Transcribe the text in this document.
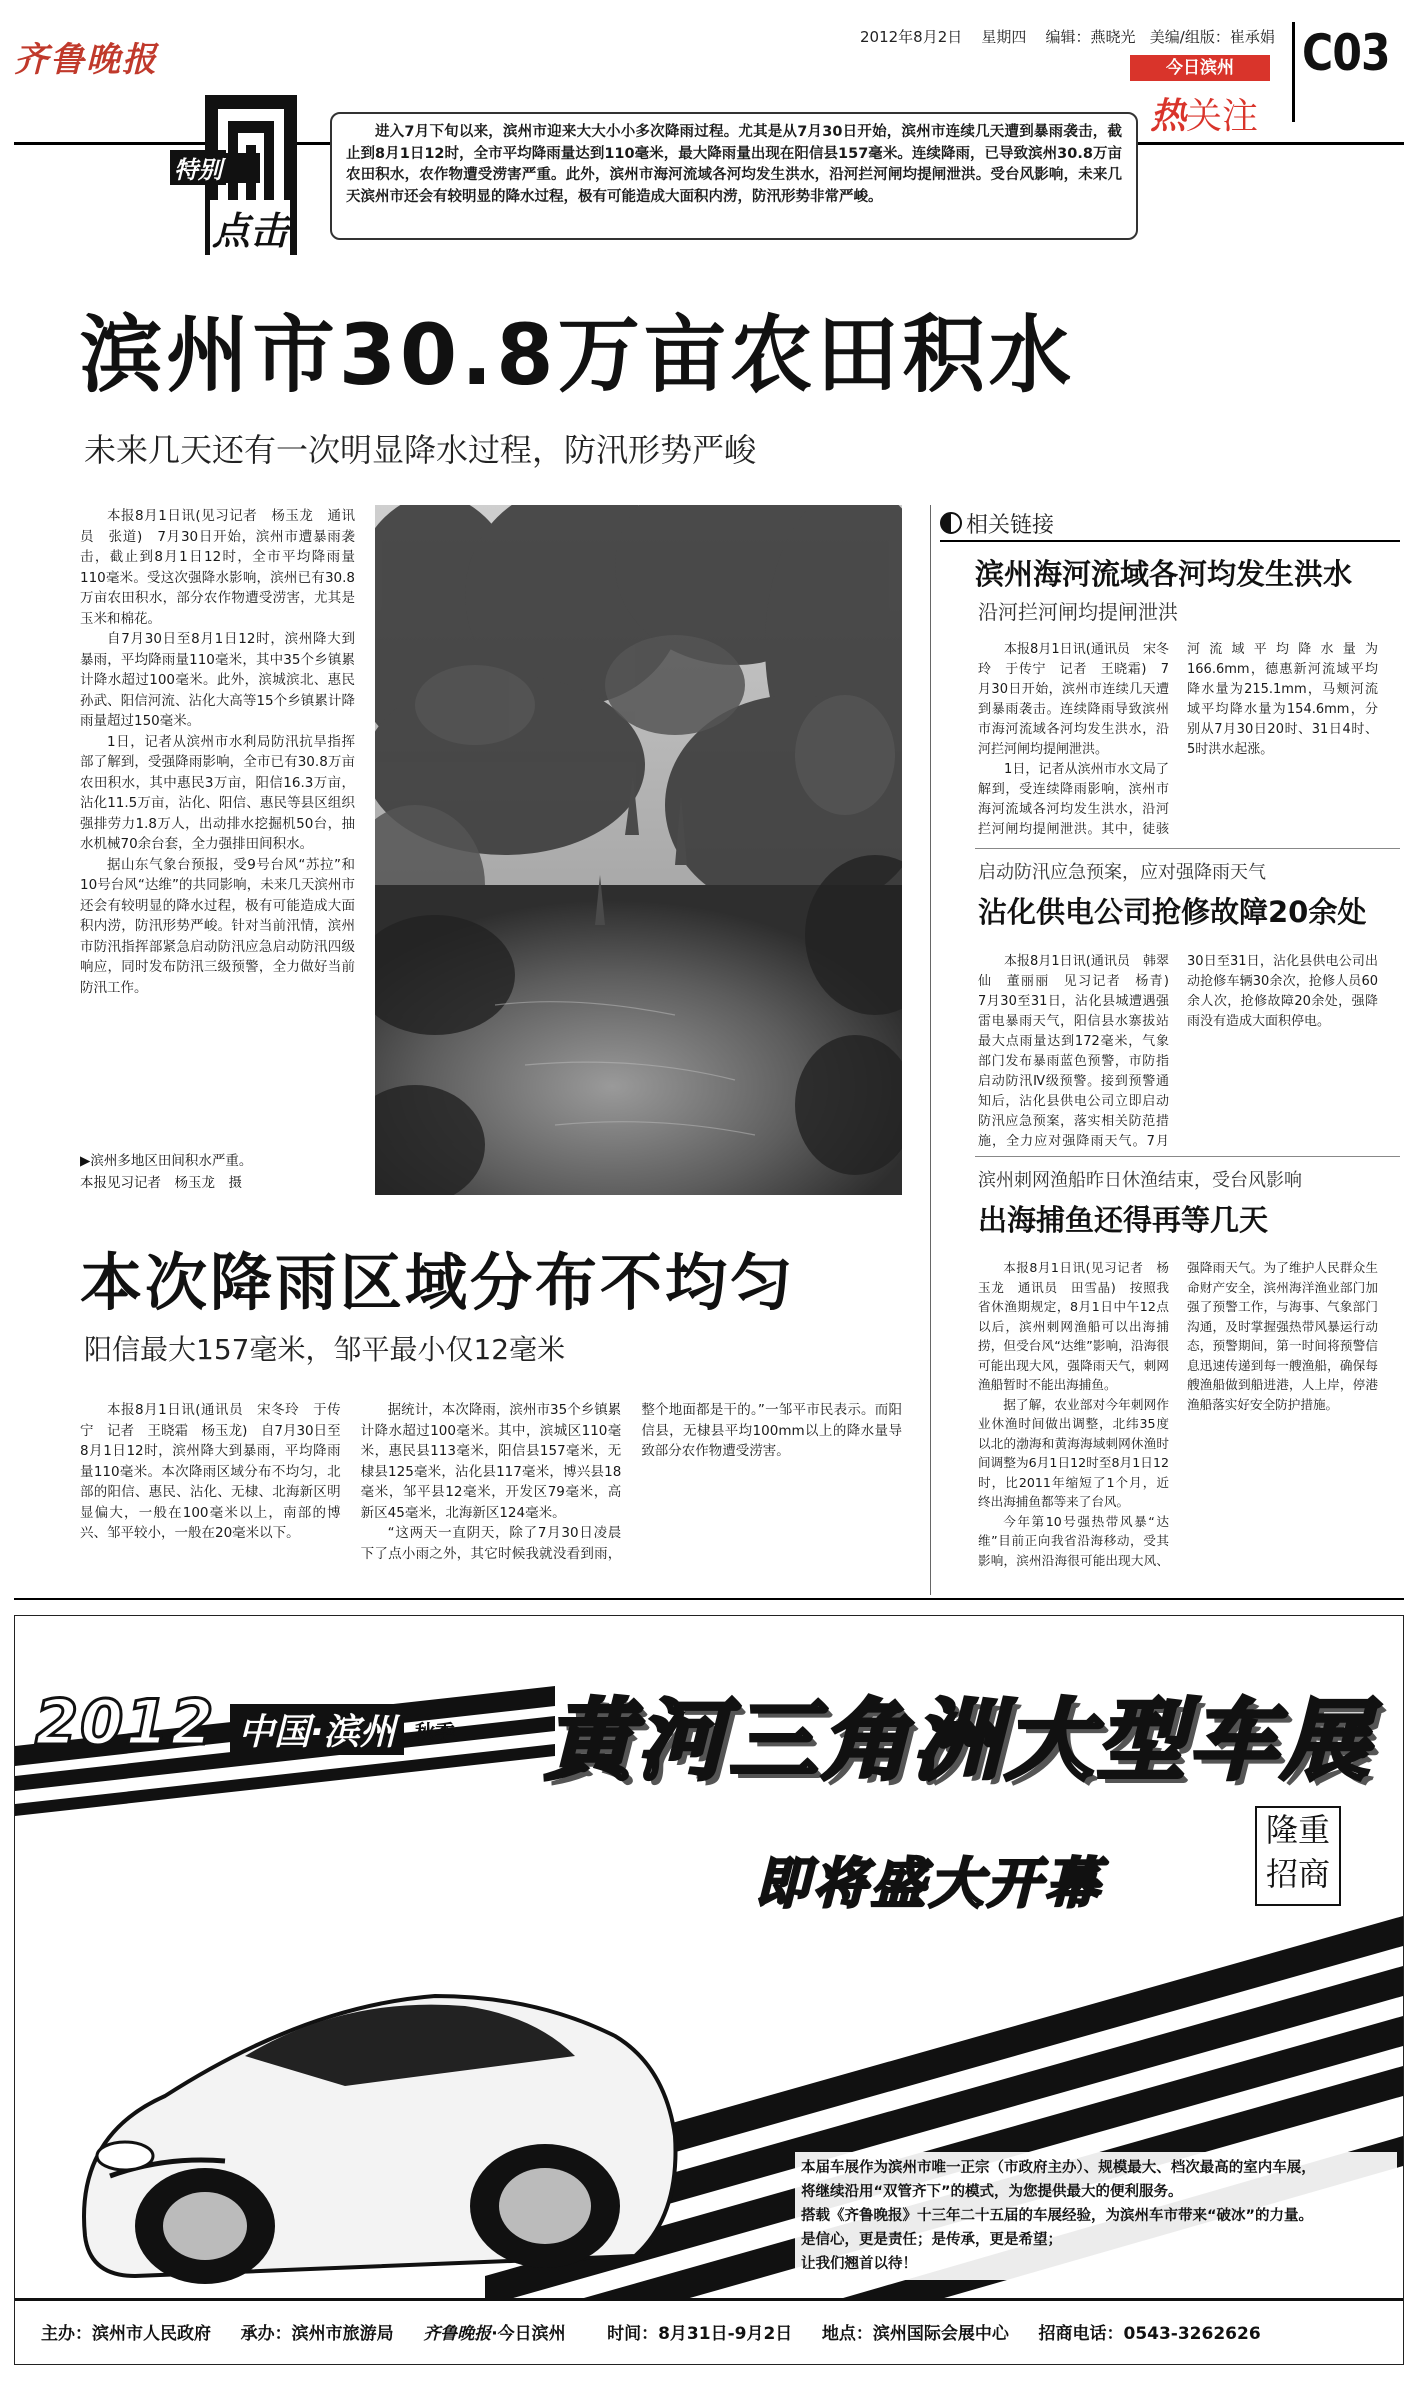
齐鲁晚报
2012年8月2日 星期四 编辑：燕晓光 美编/组版：崔承娟
今日滨州
热关注
C03
特别
点击

进入7月下旬以来，滨州市迎来大大小小多次降雨过程。尤其是从7月30日开始，滨州市连续几天遭到暴雨袭击，截止到8月1日12时，全市平均降雨量达到110毫米，最大降雨量出现在阳信县157毫米。连续降雨，已导致滨州30.8万亩农田积水，农作物遭受涝害严重。此外，滨州市海河流域各河均发生洪水，沿河拦河闸均提闸泄洪。受台风影响，未来几天滨州市还会有较明显的降水过程，极有可能造成大面积内涝，防汛形势非常严峻。

滨州市30.8万亩农田积水
未来几天还有一次明显降水过程，防汛形势严峻

本报8月1日讯(见习记者　杨玉龙　通讯员　张道)　7月30日开始，滨州市遭暴雨袭击，截止到8月1日12时，全市平均降雨量110毫米。受这次强降水影响，滨州已有30.8万亩农田积水，部分农作物遭受涝害，尤其是玉米和棉花。

自7月30日至8月1日12时，滨州降大到暴雨，平均降雨量110毫米，其中35个乡镇累计降水超过100毫米。此外，滨城滨北、惠民孙武、阳信河流、沾化大高等15个乡镇累计降雨量超过150毫米。

1日，记者从滨州市水利局防汛抗旱指挥部了解到，受强降雨影响，全市已有30.8万亩农田积水，其中惠民3万亩，阳信16.3万亩，沾化11.5万亩，沾化、阳信、惠民等县区组织强排劳力1.8万人，出动排水挖掘机50台，抽水机械70余台套，全力强排田间积水。

据山东气象台预报，受9号台风“苏拉”和10号台风“达维”的共同影响，未来几天滨州市还会有较明显的降水过程，极有可能造成大面积内涝，防汛形势严峻。针对当前汛情，滨州市防汛指挥部紧急启动防汛应急启动防汛四级响应，同时发布防汛三级预警，全力做好当前防汛工作。

▶滨州多地区田间积水严重。
本报见习记者　杨玉龙　摄
本次降雨区域分布不均匀
阳信最大157毫米，邹平最小仅12毫米

本报8月1日讯(通讯员　宋冬玲　于传宁　记者　王晓霜　杨玉龙)　自7月30日至8月1日12时，滨州降大到暴雨，平均降雨量110毫米。本次降雨区域分布不均匀，北部的阳信、惠民、沾化、无棣、北海新区明显偏大，一般在100毫米以上，南部的博兴、邹平较小，一般在20毫米以下。

据统计，本次降雨，滨州市35个乡镇累计降水超过100毫米。其中，滨城区110毫米，惠民县113毫米，阳信县157毫米，无棣县125毫米，沾化县117毫米，博兴县18毫米，邹平县12毫米，开发区79毫米，高新区45毫米，北海新区124毫米。

“这两天一直阴天，除了7月30日凌晨下了点小雨之外，其它时候我就没看到雨，整个地面都是干的。”一邹平市民表示。而阳信县，无棣县平均100mm以上的降水量导致部分农作物遭受涝害。

相关链接
滨州海河流域各河均发生洪水
沿河拦河闸均提闸泄洪

本报8月1日讯(通讯员　宋冬玲　于传宁　记者　王晓霜)　7月30日开始，滨州市连续几天遭到暴雨袭击。连续降雨导致滨州市海河流域各河均发生洪水，沿河拦河闸均提闸泄洪。

1日，记者从滨州市水文局了解到，受连续降雨影响，滨州市海河流域各河均发生洪水，沿河拦河闸均提闸泄洪。其中，徒骇河流域平均降水量为166.6mm，德惠新河流域平均降水量为215.1mm，马颊河流域平均降水量为154.6mm，分别从7月30日20时、31日4时、5时洪水起涨。

启动防汛应急预案，应对强降雨天气
沾化供电公司抢修故障20余处

本报8月1日讯(通讯员　韩翠仙　董丽丽　见习记者　杨青)　7月30至31日，沾化县城遭遇强雷电暴雨天气，阳信县水寨拔站最大点雨量达到172毫米，气象部门发布暴雨蓝色预警，市防指启动防汛Ⅳ级预警。接到预警通知后，沾化县供电公司立即启动防汛应急预案，落实相关防范措施，全力应对强降雨天气。7月30日至31日，沾化县供电公司出动抢修车辆30余次，抢修人员60余人次，抢修故障20余处，强降雨没有造成大面积停电。

滨州刺网渔船昨日休渔结束，受台风影响
出海捕鱼还得再等几天

本报8月1日讯(见习记者　杨玉龙　通讯员　田雪晶)　按照我省休渔期规定，8月1日中午12点以后，滨州刺网渔船可以出海捕捞，但受台风“达维”影响，沿海很可能出现大风，强降雨天气，刺网渔船暂时不能出海捕鱼。

据了解，农业部对今年刺网作业休渔时间做出调整，北纬35度以北的渤海和黄海海域刺网休渔时间调整为6月1日12时至8月1日12时，比2011年缩短了1个月，近终出海捕鱼都等来了台风。

今年第10号强热带风暴“达维”目前正向我省沿海移动，受其影响，滨州沿海很可能出现大风、强降雨天气。为了维护人民群众生命财产安全，滨州海洋渔业部门加强了预警工作，与海事、气象部门沟通，及时掌握强热带风暴运行动态，预警期间，第一时间将预警信息迅速传递到每一艘渔船，确保每艘渔船做到船进港，人上岸，停港渔船落实好安全防护措施。

2012 中国·滨州 秋季 黄河三角洲大型车展
即将盛大开幕
隆重
招商
本届车展作为滨州市唯一正宗（市政府主办）、规模最大、档次最高的室内车展，
将继续沿用“双管齐下”的模式，为您提供最大的便利服务。
搭载《齐鲁晚报》十三年二十五届的车展经验，为滨州车市带来“破冰”的力量。
是信心，更是责任；是传承，更是希望；
让我们翘首以待！
主办：滨州市人民政府 承办：滨州市旅游局 齐鲁晚报·今日滨州 时间：8月31日-9月2日 地点：滨州国际会展中心 招商电话：0543-3262626
